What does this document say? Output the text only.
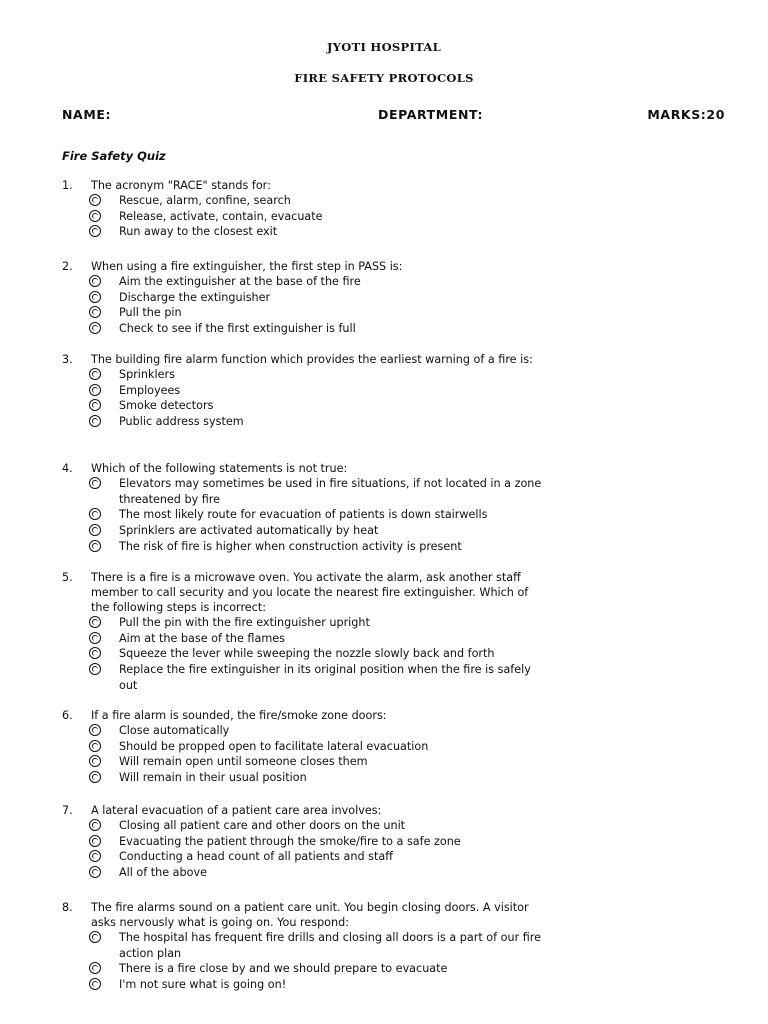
JYOTI HOSPITAL
FIRE SAFETY PROTOCOLS
NAME:	DEPARTMENT:	MARKS:20
Fire Safety Quiz
1.	The acronym "RACE" stands for:
Rescue, alarm, confine, search
Release, activate, contain, evacuate
Run away to the closest exit
2.	When using a fire extinguisher, the first step in PASS is:
Aim the extinguisher at the base of the fire
Discharge the extinguisher
Pull the pin
Check to see if the first extinguisher is full
3.	The building fire alarm function which provides the earliest warning of a fire is:
Sprinklers
Employees
Smoke detectors
Public address system
4.	Which of the following statements is not true:
Elevators may sometimes be used in fire situations, if not located in a zone threatened by fire
The most likely route for evacuation of patients is down stairwells
Sprinklers are activated automatically by heat
The risk of fire is higher when construction activity is present
5.	There is a fire is a microwave oven. You activate the alarm, ask another staff member to call security and you locate the nearest fire extinguisher. Which of the following steps is incorrect:
Pull the pin with the fire extinguisher upright
Aim at the base of the flames
Squeeze the lever while sweeping the nozzle slowly back and forth
Replace the fire extinguisher in its original position when the fire is safely out
6.	If a fire alarm is sounded, the fire/smoke zone doors:
Close automatically
Should be propped open to facilitate lateral evacuation
Will remain open until someone closes them
Will remain in their usual position
7.	A lateral evacuation of a patient care area involves:
Closing all patient care and other doors on the unit
Evacuating the patient through the smoke/fire to a safe zone
Conducting a head count of all patients and staff
All of the above
8.	The fire alarms sound on a patient care unit. You begin closing doors. A visitor asks nervously what is going on. You respond:
The hospital has frequent fire drills and closing all doors is a part of our fire action plan
There is a fire close by and we should prepare to evacuate
I'm not sure what is going on!
